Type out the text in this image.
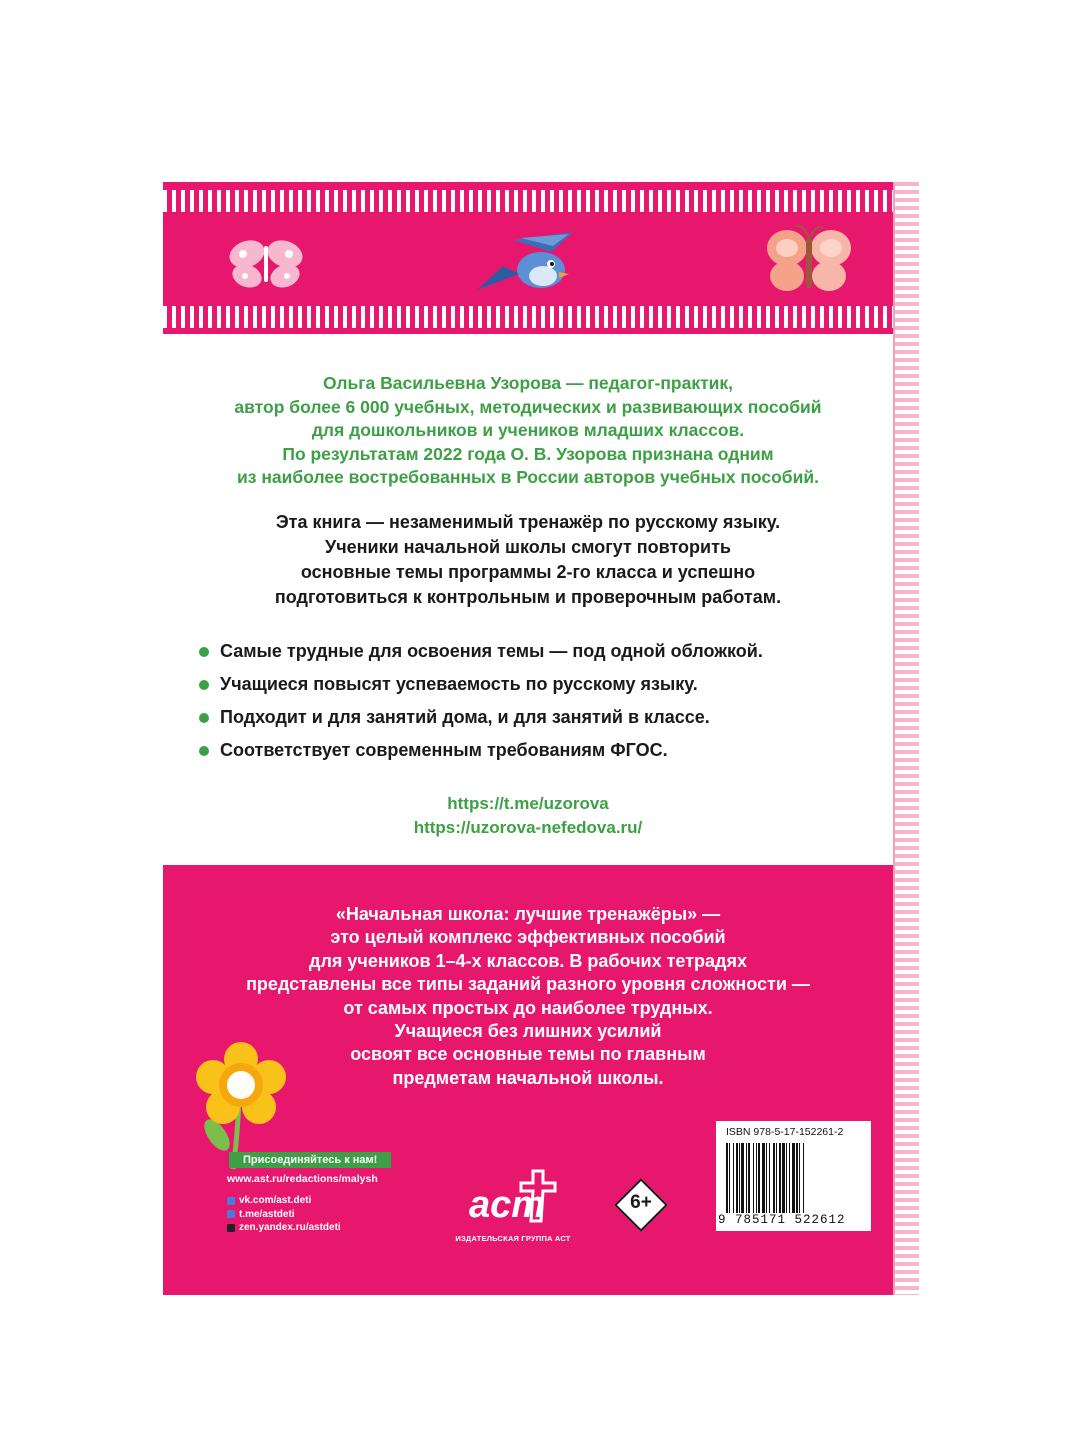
Ольга Васильевна Узорова — педагог-практик,
автор более 6 000 учебных, методических и развивающих пособий
для дошкольников и учеников младших классов.
По результатам 2022 года О. В. Узорова признана одним
из наиболее востребованных в России авторов учебных пособий.
Эта книга — незаменимый тренажёр по русскому языку.
Ученики начальной школы смогут повторить
основные темы программы 2-го класса и успешно
подготовиться к контрольным и проверочным работам.
Самые трудные для освоения темы — под одной обложкой.
Учащиеся повысят успеваемость по русскому языку.
Подходит и для занятий дома, и для занятий в классе.
Соответствует современным требованиям ФГОС.
https://t.me/uzorova
https://uzorova-nefedova.ru/
«Начальная школа: лучшие тренажёры» —
это целый комплекс эффективных пособий
для учеников 1–4-х классов. В рабочих тетрадях
представлены все типы заданий разного уровня сложности —
от самых простых до наиболее трудных.
Учащиеся без лишних усилий
освоят все основные темы по главным
предметам начальной школы.
Присоединяйтесь к нам!
www.ast.ru/redactions/malysh
vk.com/ast.deti
t.me/astdeti
zen.yandex.ru/astdeti
аст
ИЗДАТЕЛЬСКАЯ ГРУППА АСТ
6+
ISBN 978-5-17-152261-2
9 785171 522612
